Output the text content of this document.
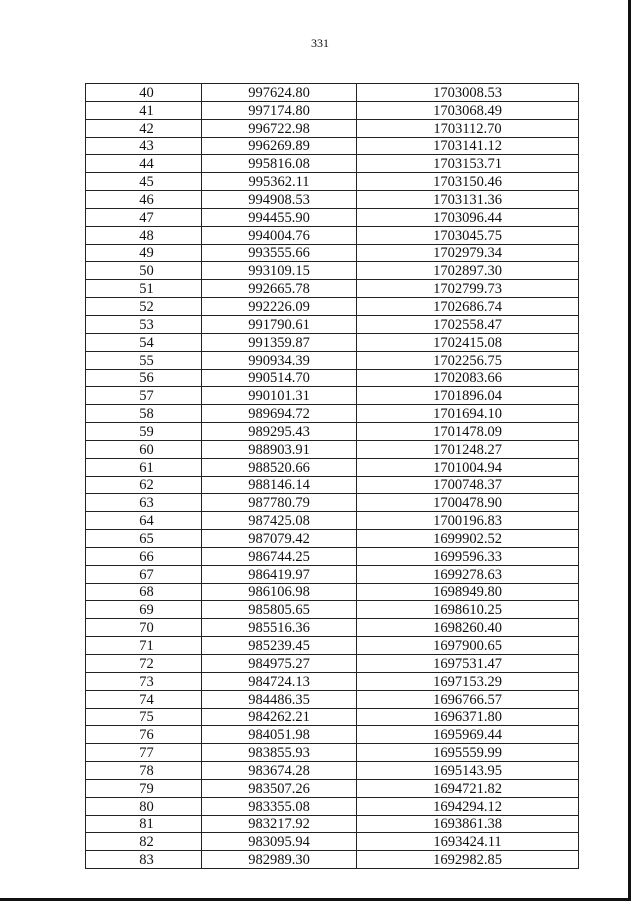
331
40	997624.80	1703008.53
41	997174.80	1703068.49
42	996722.98	1703112.70
43	996269.89	1703141.12
44	995816.08	1703153.71
45	995362.11	1703150.46
46	994908.53	1703131.36
47	994455.90	1703096.44
48	994004.76	1703045.75
49	993555.66	1702979.34
50	993109.15	1702897.30
51	992665.78	1702799.73
52	992226.09	1702686.74
53	991790.61	1702558.47
54	991359.87	1702415.08
55	990934.39	1702256.75
56	990514.70	1702083.66
57	990101.31	1701896.04
58	989694.72	1701694.10
59	989295.43	1701478.09
60	988903.91	1701248.27
61	988520.66	1701004.94
62	988146.14	1700748.37
63	987780.79	1700478.90
64	987425.08	1700196.83
65	987079.42	1699902.52
66	986744.25	1699596.33
67	986419.97	1699278.63
68	986106.98	1698949.80
69	985805.65	1698610.25
70	985516.36	1698260.40
71	985239.45	1697900.65
72	984975.27	1697531.47
73	984724.13	1697153.29
74	984486.35	1696766.57
75	984262.21	1696371.80
76	984051.98	1695969.44
77	983855.93	1695559.99
78	983674.28	1695143.95
79	983507.26	1694721.82
80	983355.08	1694294.12
81	983217.92	1693861.38
82	983095.94	1693424.11
83	982989.30	1692982.85
